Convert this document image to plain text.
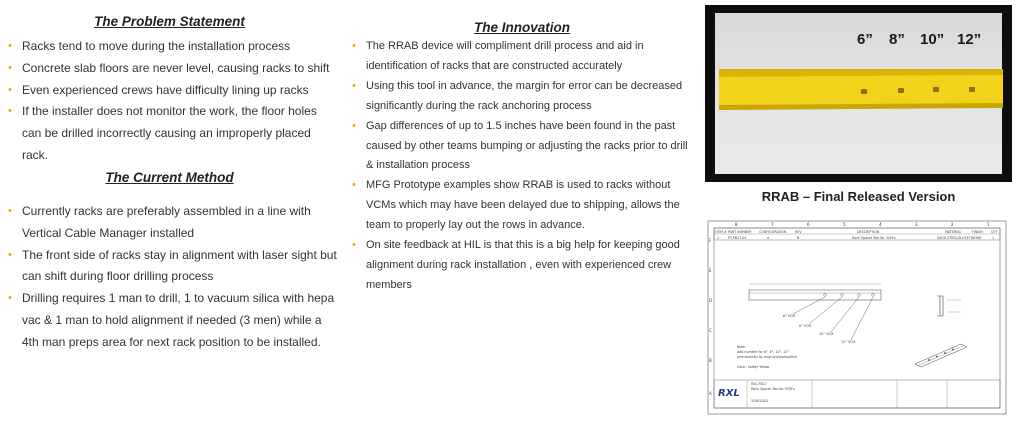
The Problem Statement
• Racks tend to move during the installation process
• Concrete slab floors are never level, causing racks to shift
• Even experienced crews have difficulty lining up racks
• If the installer does not monitor the work, the floor holes can be drilled incorrectly causing an improperly placed rack.
The Current Method
• Currently racks are preferably assembled in a line with Vertical Cable Manager installed
• The front side of racks stay in alignment with laser sight but can shift during floor drilling process
• Drilling requires 1 man to drill, 1 to vacuum silica with hepa vac & 1 man to hold alignment if needed (3 men) while a 4th man preps area for next rack position to be installed.
The Innovation
• The RRAB device will compliment drill process and aid in identification of racks that are constructed accurately
• Using this tool in advance, the margin for error can be decreased significantly during the rack anchoring process
• Gap differences of up to 1.5 inches have been found in the past caused by other teams bumping or adjusting the racks prior to drill & installation process
• MFG Prototype examples show RRAB is used to racks without VCMs which may have been delayed due to shipping, allows the team to properly lay out the rows in advance.
• On site feedback at HIL is that this is a big help for keeping good alignment during rack installation , even with experienced crew members
6” 8” 10” 12”
RRAB – Final Released Version
8	7	6	5	4	3	2	1
F
E
D
C
B
A
ITEM # PART NUMBER CONFIGURATION	REV	DESCRIPTION	MATERIAL	FINISH QTY
1	PT-FB17-01	A	B	Rack Spacer Bar for VCM's	SAGA STEEL(D-0747) NONE	1
6" VCM
8" VCM
10" VCM
12" VCM
Note:
Add number for 6", 8", 10", 12"
permanently by engrave/stamp/etch
Color: Safety Yellow
RXL
RXL-FB17
Rack Spacer Bar for VCM's
5/28/2024
